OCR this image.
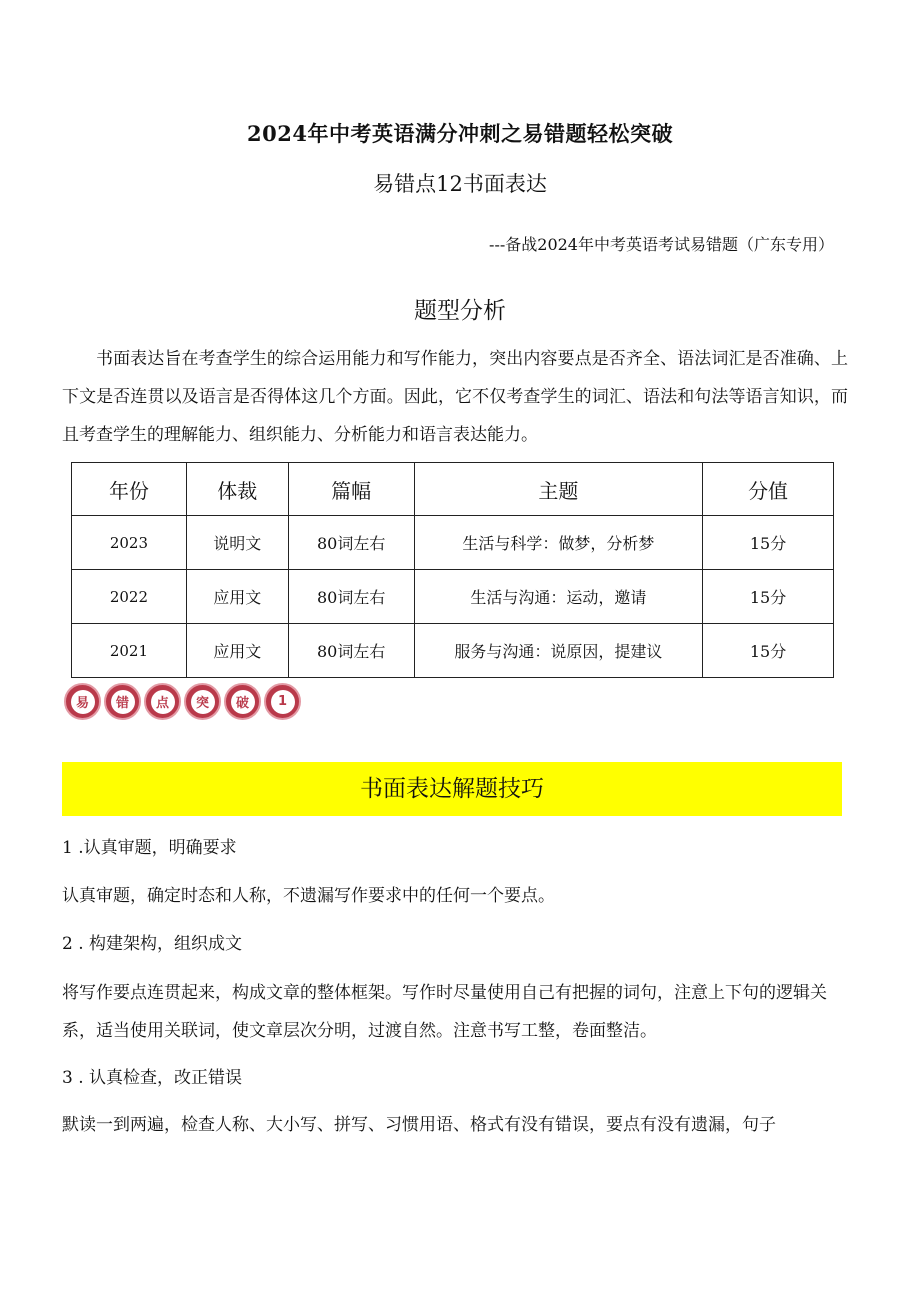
2024年中考英语满分冲刺之易错题轻松突破
易错点12书面表达
---备战2024年中考英语考试易错题（广东专用）
题型分析
书面表达旨在考查学生的综合运用能力和写作能力，突出内容要点是否齐全、语法词汇是否准确、上下文是否连贯以及语言是否得体这几个方面。因此，它不仅考查学生的词汇、语法和句法等语言知识，而且考查学生的理解能力、组织能力、分析能力和语言表达能力。
年份	体裁	篇幅	主题	分值
2023	说明文	80词左右	生活与科学：做梦，分析梦	15分
2022	应用文	80词左右	生活与沟通：运动，邀请	15分
2021	应用文	80词左右	服务与沟通：说原因，提建议	15分
易	错	点	突	破	1
书面表达解题技巧
1 .认真审题，明确要求
认真审题，确定时态和人称，不遗漏写作要求中的任何一个要点。
2 . 构建架构，组织成文
将写作要点连贯起来，构成文章的整体框架。写作时尽量使用自己有把握的词句，注意上下句的逻辑关系，适当使用关联词，使文章层次分明，过渡自然。注意书写工整，卷面整洁。
3 . 认真检查，改正错误
默读一到两遍，检查人称、大小写、拼写、习惯用语、格式有没有错误，要点有没有遗漏，句子
